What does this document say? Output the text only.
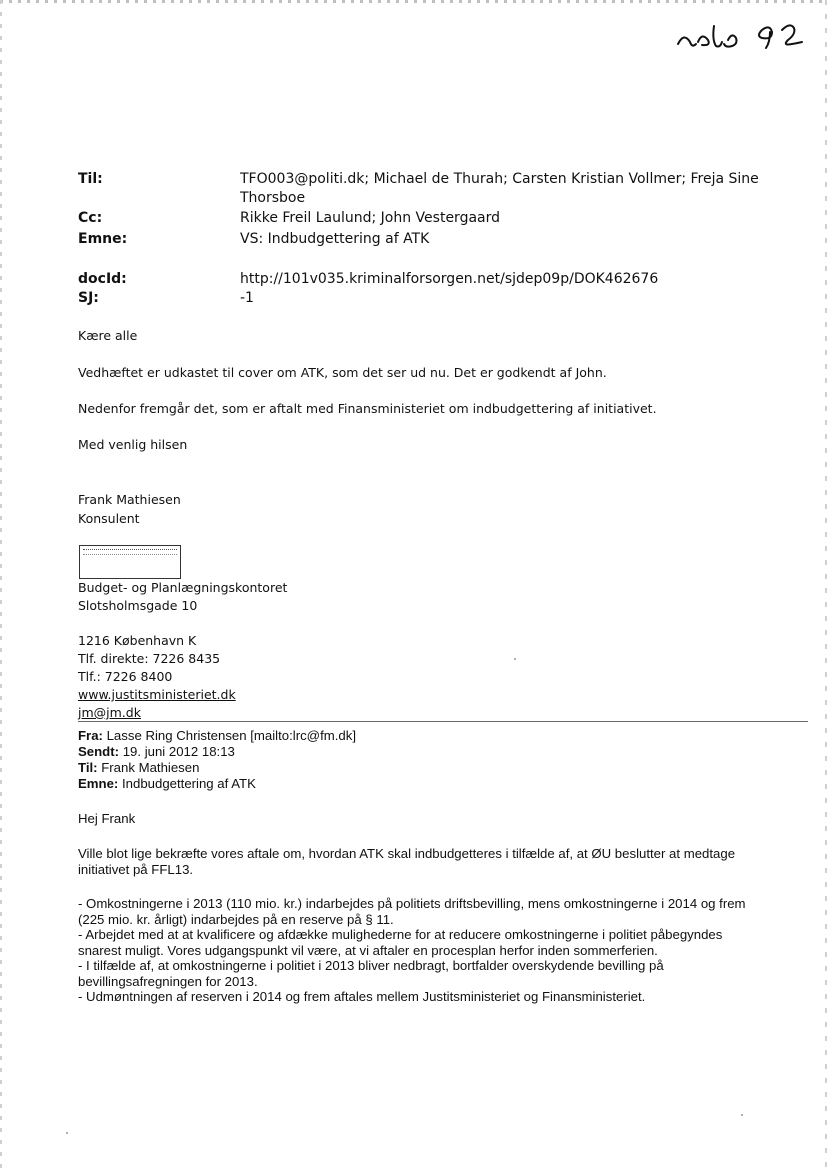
Til:	TFO003@politi.dk; Michael de Thurah; Carsten Kristian Vollmer; Freja Sine Thorsboe
Cc:	Rikke Freil Laulund; John Vestergaard
Emne:	VS: Indbudgettering af ATK
docId:	http://101v035.kriminalforsorgen.net/sjdep09p/DOK462676
SJ:	-1
Kære alle
Vedhæftet er udkastet til cover om ATK, som det ser ud nu. Det er godkendt af John.
Nedenfor fremgår det, som er aftalt med Finansministeriet om indbudgettering af initiativet.
Med venlig hilsen
Frank Mathiesen
Konsulent
Budget- og Planlægningskontoret
Slotsholmsgade 10
1216 København K
Tlf. direkte: 7226 8435
Tlf.: 7226 8400
www.justitsministeriet.dk
jm@jm.dk
Fra: Lasse Ring Christensen [mailto:lrc@fm.dk]
Sendt: 19. juni 2012 18:13
Til: Frank Mathiesen
Emne: Indbudgettering af ATK
Hej Frank
Ville blot lige bekræfte vores aftale om, hvordan ATK skal indbudgetteres i tilfælde af, at ØU beslutter at medtage initiativet på FFL13.
- Omkostningerne i 2013 (110 mio. kr.) indarbejdes på politiets driftsbevilling, mens omkostningerne i 2014 og frem (225 mio. kr. årligt) indarbejdes på en reserve på § 11.
- Arbejdet med at at kvalificere og afdække mulighederne for at reducere omkostningerne i politiet påbegyndes snarest muligt. Vores udgangspunkt vil være, at vi aftaler en procesplan herfor inden sommerferien.
- I tilfælde af, at omkostningerne i politiet i 2013 bliver nedbragt, bortfalder overskydende bevilling på bevillingsafregningen for 2013.
- Udmøntningen af reserven i 2014 og frem aftales mellem Justitsministeriet og Finansministeriet.
